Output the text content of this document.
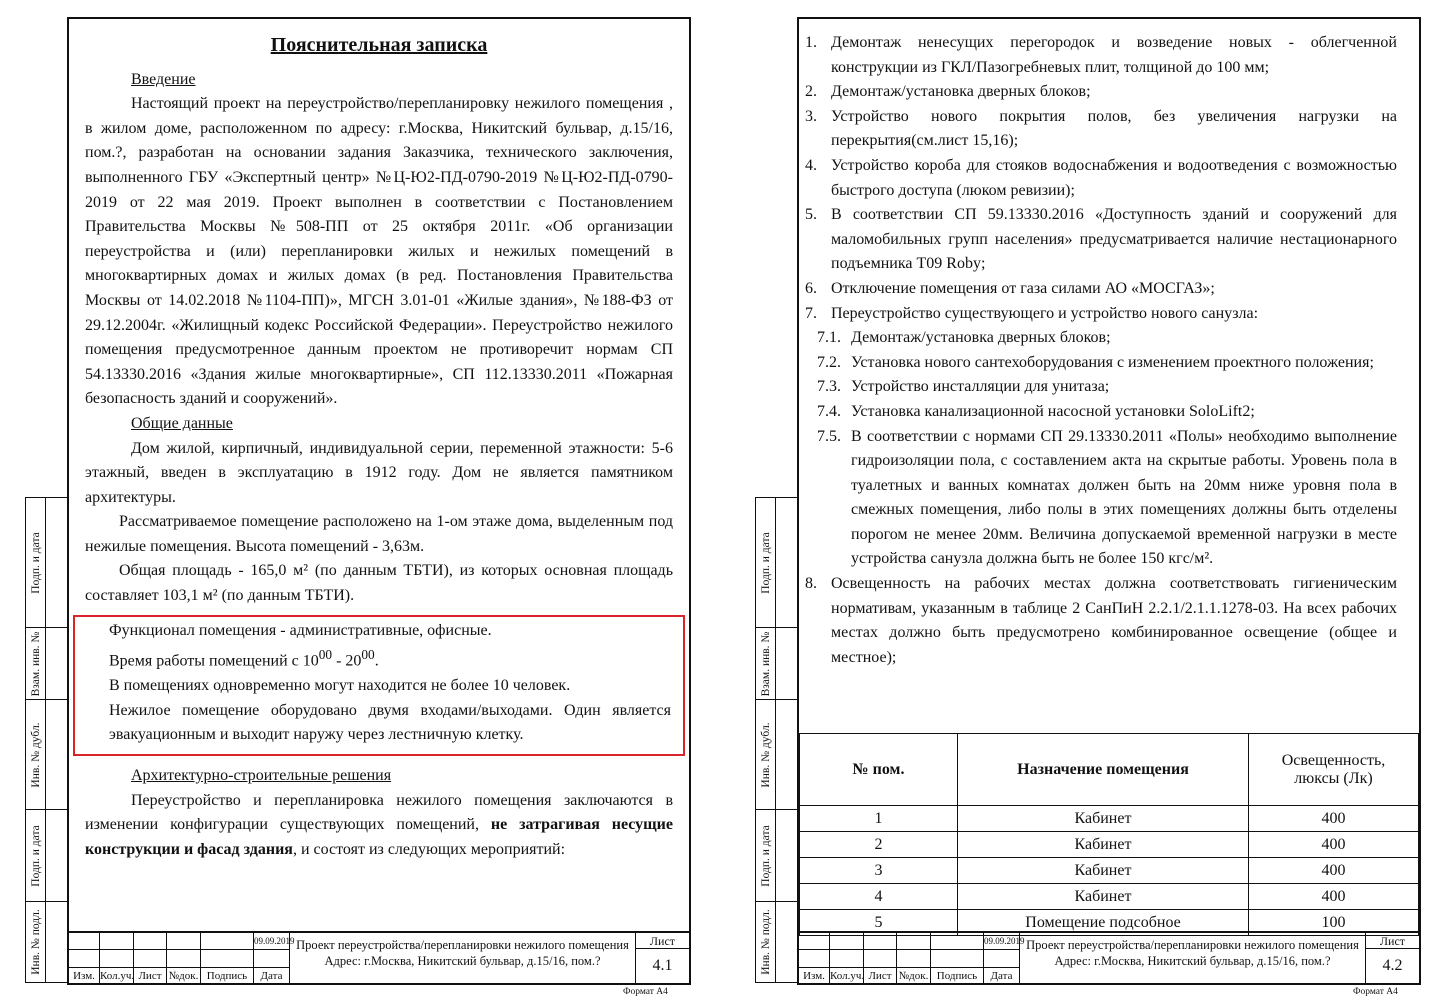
Подп. и дата
Взам. инв. №
Инв. № дубл.
Подп. и дата
Инв. № подл.
Пояснительная записка
Введение
Настоящий проект на переустройство/перепланировку нежилого помещения , в жилом доме, расположенном по адресу: г.Москва, Никитский бульвар, д.15/16, пом.?, разработан на основании задания Заказчика, технического заключения, выполненного ГБУ «Экспертный центр» №Ц-Ю2-ПД-0790-2019 №Ц-Ю2-ПД-0790-2019 от 22 мая 2019. Проект выполнен в соответствии с Постановлением Правительства Москвы №508-ПП от 25 октября 2011г. «Об организации переустройства и (или) перепланировки жилых и нежилых помещений в многоквартирных домах и жилых домах (в ред. Постановления Правительства Москвы от 14.02.2018 №1104-ПП)», МГСН 3.01-01 «Жилые здания», №188-ФЗ от 29.12.2004г. «Жилищный кодекс Российской Федерации». Переустройство нежилого помещения предусмотренное данным проектом не противоречит нормам СП 54.13330.2016 «Здания жилые многоквартирные», СП 112.13330.2011 «Пожарная безопасность зданий и сооружений».
Общие данные
Дом жилой, кирпичный, индивидуальной серии, переменной этажности: 5-6 этажный, введен в эксплуатацию в 1912 году. Дом не является памятником архитектуры.
Рассматриваемое помещение расположено на 1-ом этаже дома, выделенным под нежилые помещения. Высота помещений - 3,63м.
Общая площадь - 165,0 м² (по данным ТБТИ), из которых основная площадь составляет 103,1 м² (по данным ТБТИ).
Функционал помещения - административные, офисные.
Время работы помещений с $10^{00} - 20^{00}$.
В помещениях одновременно могут находится не более 10 человек.
Нежилое помещение оборудовано двумя входами/выходами. Один является эвакуационным и выходит наружу через лестничную клетку.
Архитектурно-строительные решения
Переустройство и перепланировка нежилого помещения заключаются в изменении конфигурации существующих помещений, не затрагивая несущие конструкции и фасад здания, и состоят из следующих мероприятий:
09.09.2019
Изм. Кол.уч. Лист №док. Подпись	Дата
Проект переустройства/перепланировки нежилого помещения
Адрес: г.Москва, Никитский бульвар, д.15/16, пом.?
Лист
4.1
Формат А4
Подп. и дата
Взам. инв. №
Инв. № дубл.
Подп. и дата
Инв. № подл.
1. Демонтаж ненесущих перегородок и возведение новых - облегченной конструкции из ГКЛ/Пазогребневых плит, толщиной до 100 мм;
2. Демонтаж/установка дверных блоков;
3. Устройство нового покрытия полов, без увеличения нагрузки на перекрытия(см.лист 15,16);
4. Устройство короба для стояков водоснабжения и водоотведения с возможностью быстрого доступа (люком ревизии);
5. В соответствии СП 59.13330.2016 «Доступность зданий и сооружений для маломобильных групп населения» предусматривается наличие нестационарного подъемника Т09 Roby;
6. Отключение помещения от газа силами АО «МОСГАЗ»;
7. Переустройство существующего и устройство нового санузла:
7.1. Демонтаж/установка дверных блоков;
7.2. Установка нового сантехоборудования с изменением проектного положения;
7.3. Устройство инсталляции для унитаза;
7.4. Установка канализационной насосной установки SoloLift2;
7.5. В соответствии с нормами СП 29.13330.2011 «Полы» необходимо выполнение гидроизоляции пола, с составлением акта на скрытые работы. Уровень пола в туалетных и ванных комнатах должен быть на 20мм ниже уровня пола в смежных помещения, либо полы в этих помещениях должны быть отделены порогом не менее 20мм. Величина допускаемой временной нагрузки в месте устройства санузла должна быть не более 150 кгс/м².
8. Освещенность на рабочих местах должна соответствовать гигиеническим нормативам, указанным в таблице 2 СанПиН 2.2.1/2.1.1.1278-03. На всех рабочих местах должно быть предусмотрено комбинированное освещение (общее и местное);
№ пом.	Назначение помещения	Освещенность, люксы (Лк)
1	Кабинет	400
2	Кабинет	400
3	Кабинет	400
4	Кабинет	400
5	Помещение подсобное	100
09.09.2019
Изм. Кол.уч. Лист №док. Подпись	Дата
Проект переустройства/перепланировки нежилого помещения
Адрес: г.Москва, Никитский бульвар, д.15/16, пом.?
Лист
4.2
Формат А4
